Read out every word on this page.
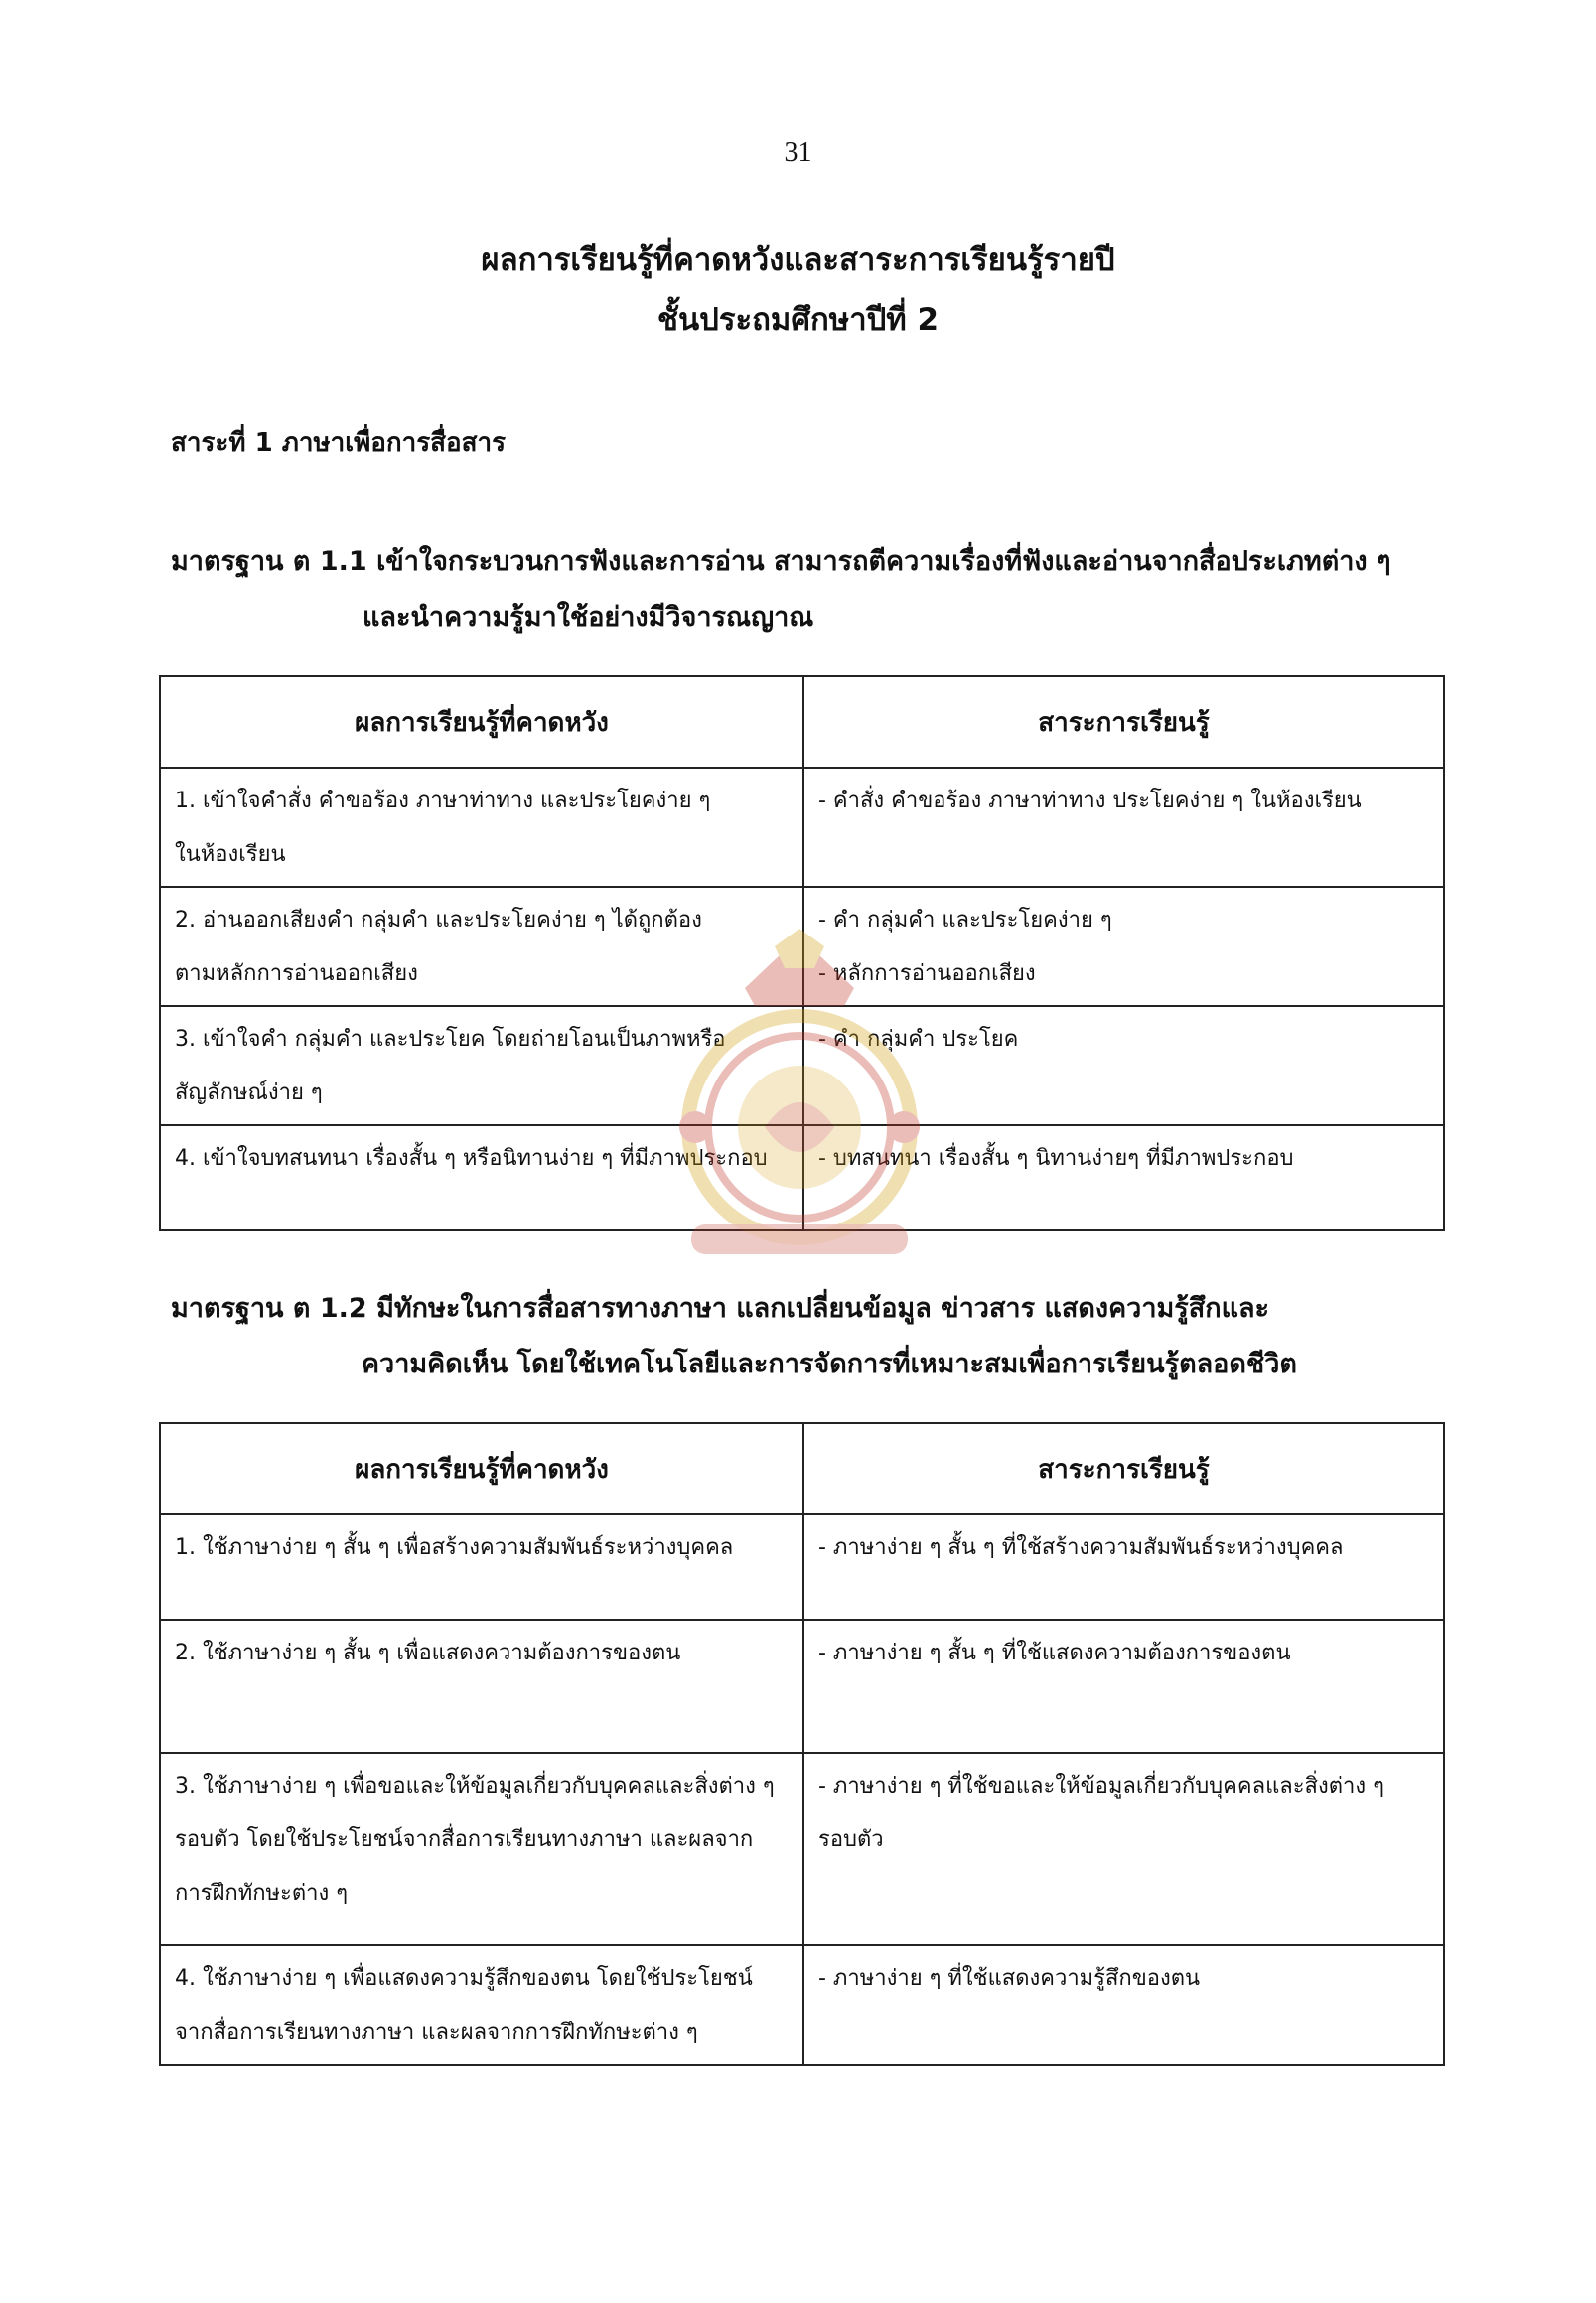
31
ผลการเรียนรู้ที่คาดหวังและสาระการเรียนรู้รายปี
ชั้นประถมศึกษาปีที่ 2
สาระที่ 1 ภาษาเพื่อการสื่อสาร
มาตรฐาน ต 1.1 เข้าใจกระบวนการฟังและการอ่าน สามารถตีความเรื่องที่ฟังและอ่านจากสื่อประเภทต่าง ๆ
และนำความรู้มาใช้อย่างมีวิจารณญาณ
ผลการเรียนรู้ที่คาดหวัง	สาระการเรียนรู้

1. เข้าใจคำสั่ง คำขอร้อง ภาษาท่าทาง และประโยคง่าย ๆ
ในห้องเรียน	- คำสั่ง คำขอร้อง ภาษาท่าทาง ประโยคง่าย ๆ ในห้องเรียน

2. อ่านออกเสียงคำ กลุ่มคำ และประโยคง่าย ๆ ได้ถูกต้อง
ตามหลักการอ่านออกเสียง	- คำ กลุ่มคำ และประโยคง่าย ๆ
- หลักการอ่านออกเสียง

3. เข้าใจคำ กลุ่มคำ และประโยค โดยถ่ายโอนเป็นภาพหรือ
สัญลักษณ์ง่าย ๆ	- คำ กลุ่มคำ ประโยค

4. เข้าใจบทสนทนา เรื่องสั้น ๆ หรือนิทานง่าย ๆ ที่มีภาพประกอบ	- บทสนทนา เรื่องสั้น ๆ นิทานง่ายๆ ที่มีภาพประกอบ
มาตรฐาน ต 1.2 มีทักษะในการสื่อสารทางภาษา แลกเปลี่ยนข้อมูล ข่าวสาร แสดงความรู้สึกและ
ความคิดเห็น โดยใช้เทคโนโลยีและการจัดการที่เหมาะสมเพื่อการเรียนรู้ตลอดชีวิต
ผลการเรียนรู้ที่คาดหวัง	สาระการเรียนรู้

1. ใช้ภาษาง่าย ๆ สั้น ๆ เพื่อสร้างความสัมพันธ์ระหว่างบุคคล	- ภาษาง่าย ๆ สั้น ๆ ที่ใช้สร้างความสัมพันธ์ระหว่างบุคคล

2. ใช้ภาษาง่าย ๆ สั้น ๆ เพื่อแสดงความต้องการของตน	- ภาษาง่าย ๆ สั้น ๆ ที่ใช้แสดงความต้องการของตน

3. ใช้ภาษาง่าย ๆ เพื่อขอและให้ข้อมูลเกี่ยวกับบุคคลและสิ่งต่าง ๆ
รอบตัว โดยใช้ประโยชน์จากสื่อการเรียนทางภาษา และผลจาก
การฝึกทักษะต่าง ๆ	- ภาษาง่าย ๆ ที่ใช้ขอและให้ข้อมูลเกี่ยวกับบุคคลและสิ่งต่าง ๆ
รอบตัว

4. ใช้ภาษาง่าย ๆ เพื่อแสดงความรู้สึกของตน โดยใช้ประโยชน์
จากสื่อการเรียนทางภาษา และผลจากการฝึกทักษะต่าง ๆ	- ภาษาง่าย ๆ ที่ใช้แสดงความรู้สึกของตน
